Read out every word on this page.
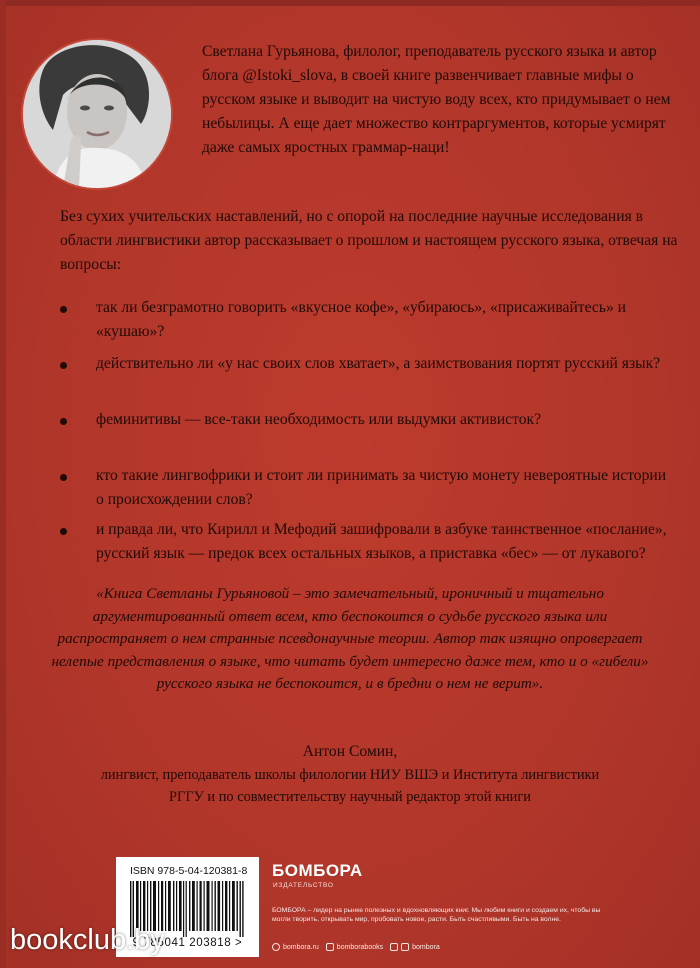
Светлана Гурьянова, филолог, преподаватель русского языка и автор блога @Istoki_slova, в своей книге развенчивает главные мифы о русском языке и выводит на чистую воду всех, кто придумывает о нем небылицы. А еще дает множество контраргументов, которые усмирят даже самых яростных граммар-наци!

Без сухих учительских наставлений, но с опорой на последние научные исследования в области лингвистики автор рассказывает о прошлом и настоящем русского языка, отвечая на вопросы:

так ли безграмотно говорить «вкусное кофе», «убираюсь», «присаживайтесь» и «кушаю»?
действительно ли «у нас своих слов хватает», а заимствования портят русский язык?
феминитивы — все-таки необходимость или выдумки активисток?
кто такие лингвофрики и стоит ли принимать за чистую монету невероятные истории о происхождении слов?
и правда ли, что Кирилл и Мефодий зашифровали в азбуке таинственное «послание», русский язык — предок всех остальных языков, а приставка «бес» — от лукавого?

«Книга Светланы Гурьяновой – это замечательный, ироничный и тщательно аргументированный ответ всем, кто беспокоится о судьбе русского языка или распространяет о нем странные псевдонаучные теории. Автор так изящно опровергает нелепые представления о языке, что читать будет интересно даже тем, кто и о «гибели» русского языка не беспокоится, и в бредни о нем не верит».

Антон Сомин,

лингвист, преподаватель школы филологии НИУ ВШЭ и Института лингвистики РГГУ и по совместительству научный редактор этой книги

ISBN 978-5-04-120381-8
9 785041 203818 >
БОМБОРА
ИЗДАТЕЛЬСТВО

БОМБОРА – лидер на рынке полезных и вдохновляющих книг. Мы любим книги и создаем их, чтобы вы могли творить, открывать мир, пробовать новое, расти. Быть счастливыми. Быть на волне.

bombora.ru	bomborabooks	bombora
bookclub.by
